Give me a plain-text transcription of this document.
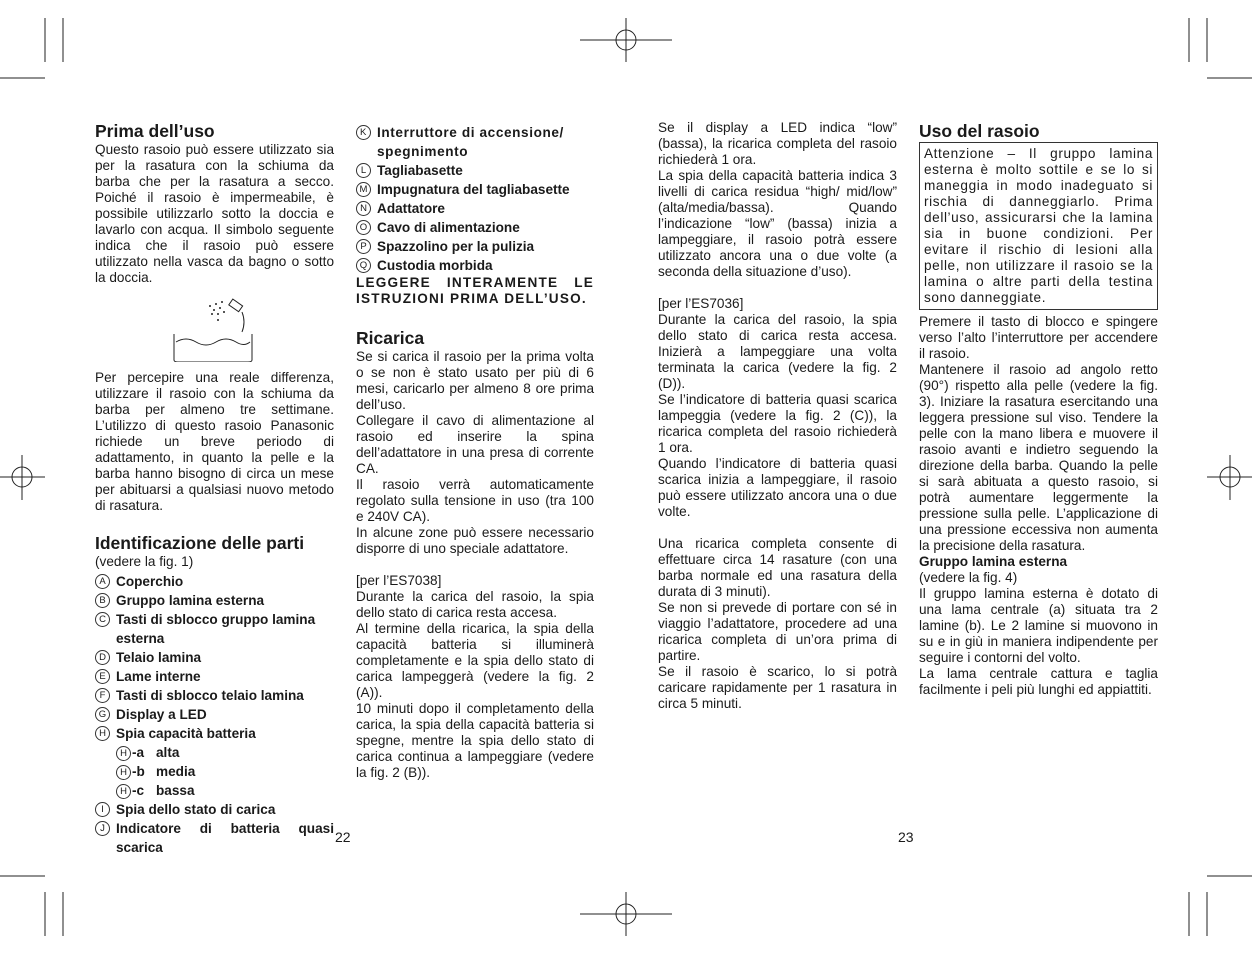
Prima dell’uso

Questo rasoio può essere utilizzato sia per la rasatura con la schiuma da barba che per la rasatura a secco. Poiché il rasoio è impermeabile, è possibile utilizzarlo sotto la doccia e lavarlo con acqua. Il simbolo seguente indica che il rasoio può essere utilizzato nella vasca da bagno o sotto la doccia.

Per percepire una reale differenza, utilizzare il rasoio con la schiuma da barba per almeno tre settimane. L’utilizzo di questo rasoio Panasonic richiede un breve periodo di adattamento, in quanto la pelle e la barba hanno bisogno di circa un mese per abituarsi a qualsiasi nuovo metodo di rasatura.

Identificazione delle parti
(vedere la fig. 1)
A Coperchio
B Gruppo lamina esterna
C Tasti di sblocco gruppo lamina esterna
D Telaio lamina
E Lame interne
F Tasti di sblocco telaio lamina
G Display a LED
H Spia capacità batteria
H -a alta
H -b media
H -c bassa
I Spia dello stato di carica
J Indicatore di batteria quasi scarica
K Interruttore di accensione/ spegnimento
L Tagliabasette
M Impugnatura del tagliabasette
N Adattatore
O Cavo di alimentazione
P Spazzolino per la pulizia
Q Custodia morbida

LEGGERE INTERAMENTE LE ISTRUZIONI PRIMA DELL’USO.

Ricarica

Se si carica il rasoio per la prima volta o se non è stato usato per più di 6 mesi, caricarlo per almeno 8 ore prima dell’uso.

Collegare il cavo di alimentazione al rasoio ed inserire la spina dell’adattatore in una presa di corrente CA.

Il rasoio verrà automaticamente regolato sulla tensione in uso (tra 100 e 240V CA).

In alcune zone può essere necessario disporre di uno speciale adattatore.

[per l’ES7038]

Durante la carica del rasoio, la spia dello stato di carica resta accesa.

Al termine della ricarica, la spia della capacità batteria si illuminerà completamente e la spia dello stato di carica lampeggerà (vedere la fig. 2 (A)).

10 minuti dopo il completamento della carica, la spia della capacità batteria si spegne, mentre la spia dello stato di carica continua a lampeggiare (vedere la fig. 2 (B)).

Se il display a LED indica “low” (bassa), la ricarica completa del rasoio richiederà 1 ora.

La spia della capacità batteria indica 3 livelli di carica residua “high/ mid/low” (alta/media/bassa). Quando l’indicazione “low” (bassa) inizia a lampeggiare, il rasoio potrà essere utilizzato ancora una o due volte (a seconda della situazione d’uso).

[per l’ES7036]

Durante la carica del rasoio, la spia dello stato di carica resta accesa. Inizierà a lampeggiare una volta terminata la carica (vedere la fig. 2 (D)).

Se l’indicatore di batteria quasi scarica lampeggia (vedere la fig. 2 (C)), la ricarica completa del rasoio richiederà 1 ora.

Quando l’indicatore di batteria quasi scarica inizia a lampeggiare, il rasoio può essere utilizzato ancora una o due volte.

Una ricarica completa consente di effettuare circa 14 rasature (con una barba normale ed una rasatura della durata di 3 minuti).

Se non si prevede di portare con sé in viaggio l’adattatore, procedere ad una ricarica completa di un’ora prima di partire.

Se il rasoio è scarico, lo si potrà caricare rapidamente per 1 rasatura in circa 5 minuti.

Uso del rasoio

Attenzione – Il gruppo lamina esterna è molto sottile e se lo si maneggia in modo inadeguato si rischia di danneggiarlo. Prima dell’uso, assicurarsi che la lamina sia in buone condizioni. Per evitare il rischio di lesioni alla pelle, non utilizzare il rasoio se la lamina o altre parti della testina sono danneggiate.

Premere il tasto di blocco e spingere verso l’alto l’interruttore per accendere il rasoio.

Mantenere il rasoio ad angolo retto (90°) rispetto alla pelle (vedere la fig. 3). Iniziare la rasatura esercitando una leggera pressione sul viso. Tendere la pelle con la mano libera e muovere il rasoio avanti e indietro seguendo la direzione della barba. Quando la pelle si sarà abituata a questo rasoio, si potrà aumentare leggermente la pressione sulla pelle. L’applicazione di una pressione eccessiva non aumenta la precisione della rasatura.

Gruppo lamina esterna

(vedere la fig. 4)

Il gruppo lamina esterna è dotato di una lama centrale (a) situata tra 2 lamine (b). Le 2 lamine si muovono in su e in giù in maniera indipendente per seguire i contorni del volto.

La lama centrale cattura e taglia facilmente i peli più lunghi ed appiattiti.

22	23
